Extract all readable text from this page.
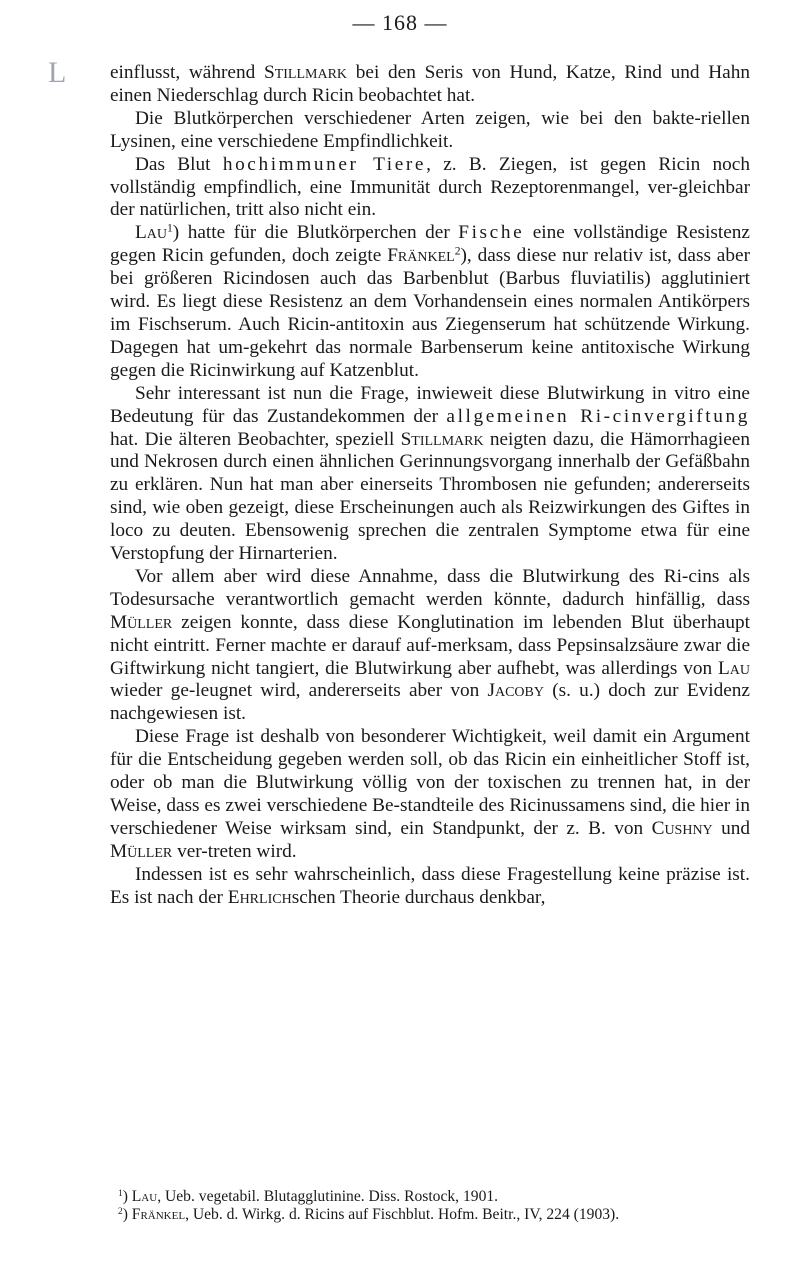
— 168 —
L einflusst, während Stillmark bei den Seris von Hund, Katze, Rind und Hahn einen Niederschlag durch Ricin beobachtet hat.

Die Blutkörperchen verschiedener Arten zeigen, wie bei den bakte-riellen Lysinen, eine verschiedene Empfindlichkeit.

Das Blut hochimmuner Tiere, z. B. Ziegen, ist gegen Ricin noch vollständig empfindlich, eine Immunität durch Rezeptorenmangel, ver-gleichbar der natürlichen, tritt also nicht ein.

Lau$^1$) hatte für die Blutkörperchen der Fische eine vollständige Resistenz gegen Ricin gefunden, doch zeigte Fränkel$^2$), dass diese nur relativ ist, dass aber bei größeren Ricindosen auch das Barbenblut (Barbus fluviatilis) agglutiniert wird. Es liegt diese Resistenz an dem Vorhandensein eines normalen Antikörpers im Fischserum. Auch Ricin-antitoxin aus Ziegenserum hat schützende Wirkung. Dagegen hat um-gekehrt das normale Barbenserum keine antitoxische Wirkung gegen die Ricinwirkung auf Katzenblut.

Sehr interessant ist nun die Frage, inwieweit diese Blutwirkung in vitro eine Bedeutung für das Zustandekommen der allgemeinen Ri-cinvergiftung hat. Die älteren Beobachter, speziell Stillmark neigten dazu, die Hämorrhagieen und Nekrosen durch einen ähnlichen Gerinnungsvorgang innerhalb der Gefäßbahn zu erklären. Nun hat man aber einerseits Thrombosen nie gefunden; andererseits sind, wie oben gezeigt, diese Erscheinungen auch als Reizwirkungen des Giftes in loco zu deuten. Ebensowenig sprechen die zentralen Symptome etwa für eine Verstopfung der Hirnarterien.

Vor allem aber wird diese Annahme, dass die Blutwirkung des Ri-cins als Todesursache verantwortlich gemacht werden könnte, dadurch hinfällig, dass Müller zeigen konnte, dass diese Konglutination im lebenden Blut überhaupt nicht eintritt. Ferner machte er darauf auf-merksam, dass Pepsinsalzsäure zwar die Giftwirkung nicht tangiert, die Blutwirkung aber aufhebt, was allerdings von Lau wieder ge-leugnet wird, andererseits aber von Jacoby (s. u.) doch zur Evidenz nachgewiesen ist.

Diese Frage ist deshalb von besonderer Wichtigkeit, weil damit ein Argument für die Entscheidung gegeben werden soll, ob das Ricin ein einheitlicher Stoff ist, oder ob man die Blutwirkung völlig von der toxischen zu trennen hat, in der Weise, dass es zwei verschiedene Be-standteile des Ricinussamens sind, die hier in verschiedener Weise wirksam sind, ein Standpunkt, der z. B. von Cushny und Müller ver-treten wird.

Indessen ist es sehr wahrscheinlich, dass diese Fragestellung keine präzise ist. Es ist nach der Ehrlichschen Theorie durchaus denkbar,

$^1$) Lau, Ueb. vegetabil. Blutagglutinine. Diss. Rostock, 1901.

$^2$) Fränkel, Ueb. d. Wirkg. d. Ricins auf Fischblut. Hofm. Beitr., IV, 224 (1903).
